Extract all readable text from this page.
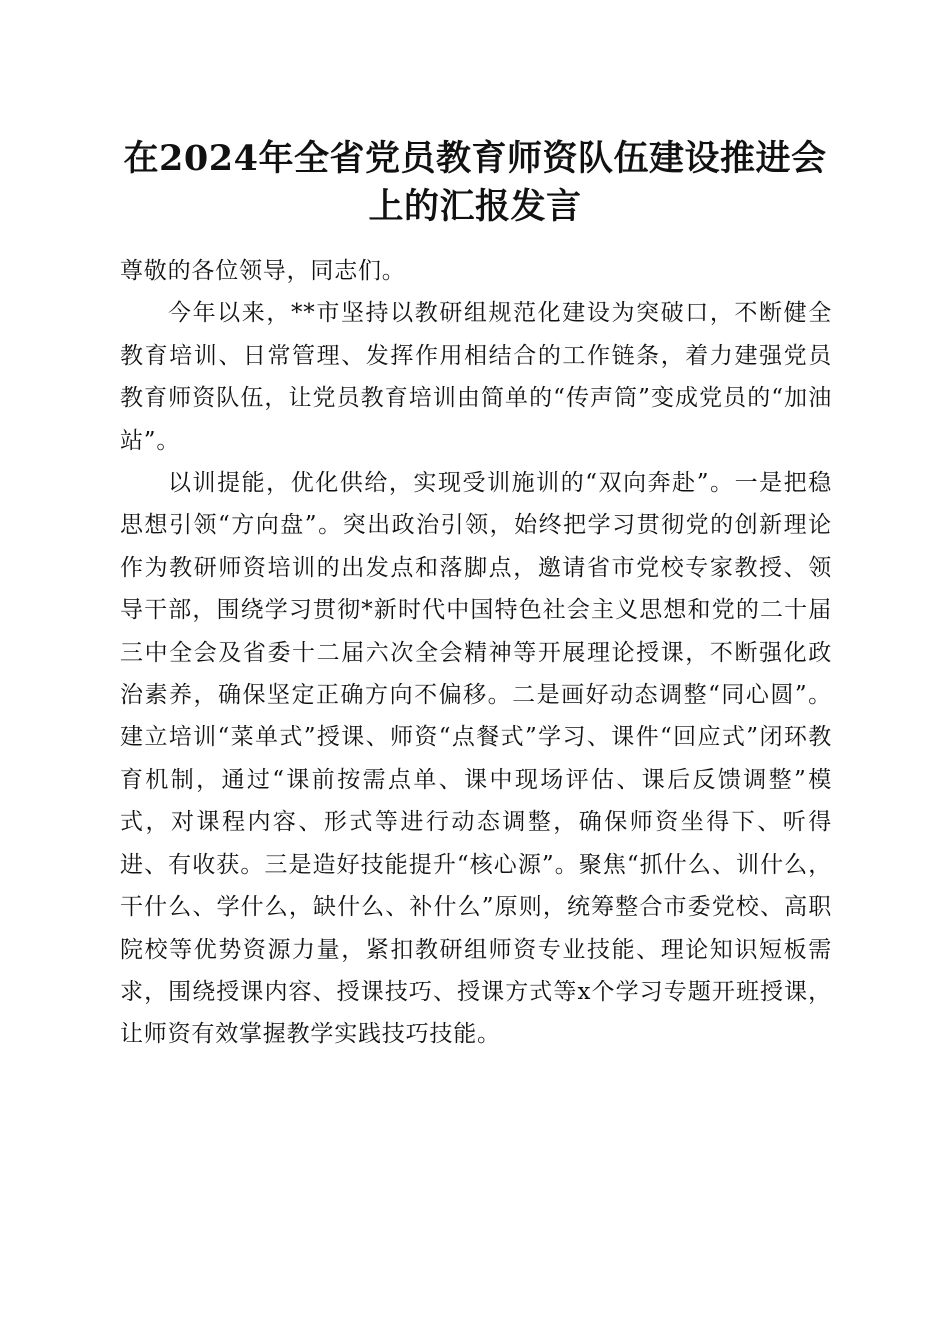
在2024年全省党员教育师资队伍建设推进会
上的汇报发言

尊敬的各位领导，同志们。

今年以来，**市坚持以教研组规范化建设为突破口，不断健全教育培训、日常管理、发挥作用相结合的工作链条，着力建强党员教育师资队伍，让党员教育培训由简单的“传声筒”变成党员的“加油站”。

以训提能，优化供给，实现受训施训的“双向奔赴”。一是把稳思想引领“方向盘”。突出政治引领，始终把学习贯彻党的创新理论作为教研师资培训的出发点和落脚点，邀请省市党校专家教授、领导干部，围绕学习贯彻*新时代中国特色社会主义思想和党的二十届三中全会及省委十二届六次全会精神等开展理论授课，不断强化政治素养，确保坚定正确方向不偏移。二是画好动态调整“同心圆”。建立培训“菜单式”授课、师资“点餐式”学习、课件“回应式”闭环教育机制，通过“课前按需点单、课中现场评估、课后反馈调整”模式，对课程内容、形式等进行动态调整，确保师资坐得下、听得进、有收获。三是造好技能提升“核心源”。聚焦“抓什么、训什么，干什么、学什么，缺什么、补什么”原则，统筹整合市委党校、高职院校等优势资源力量，紧扣教研组师资专业技能、理论知识短板需求，围绕授课内容、授课技巧、授课方式等x个学习专题开班授课，让师资有效掌握教学实践技巧技能。
